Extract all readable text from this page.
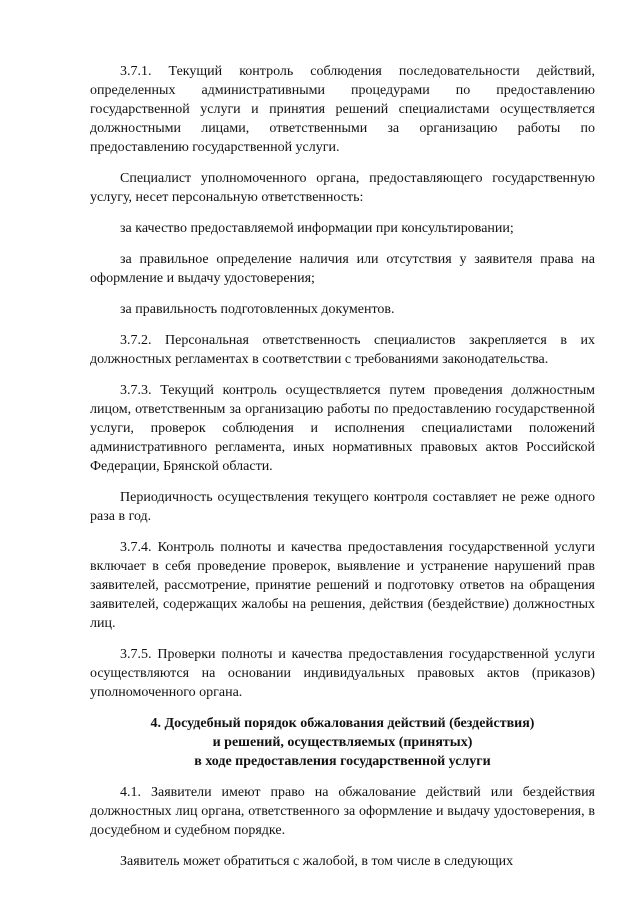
3.7.1. Текущий контроль соблюдения последовательности действий, определенных административными процедурами по предоставлению государственной услуги и принятия решений специалистами осуществляется должностными лицами, ответственными за организацию работы по предоставлению государственной услуги.

Специалист уполномоченного органа, предоставляющего государственную услугу, несет персональную ответственность:

за качество предоставляемой информации при консультировании;

за правильное определение наличия или отсутствия у заявителя права на оформление и выдачу удостоверения;

за правильность подготовленных документов.

3.7.2. Персональная ответственность специалистов закрепляется в их должностных регламентах в соответствии с требованиями законодательства.

3.7.3. Текущий контроль осуществляется путем проведения должностным лицом, ответственным за организацию работы по предоставлению государственной услуги, проверок соблюдения и исполнения специалистами положений административного регламента, иных нормативных правовых актов Российской Федерации, Брянской области.

Периодичность осуществления текущего контроля составляет не реже одного раза в год.

3.7.4. Контроль полноты и качества предоставления государственной услуги включает в себя проведение проверок, выявление и устранение нарушений прав заявителей, рассмотрение, принятие решений и подготовку ответов на обращения заявителей, содержащих жалобы на решения, действия (бездействие) должностных лиц.

3.7.5. Проверки полноты и качества предоставления государственной услуги осуществляются на основании индивидуальных правовых актов (приказов) уполномоченного органа.

4. Досудебный порядок обжалования действий (бездействия)
и решений, осуществляемых (принятых)
в ходе предоставления государственной услуги

4.1. Заявители имеют право на обжалование действий или бездействия должностных лиц органа, ответственного за оформление и выдачу удостоверения, в досудебном и судебном порядке.

Заявитель может обратиться с жалобой, в том числе в следующих
